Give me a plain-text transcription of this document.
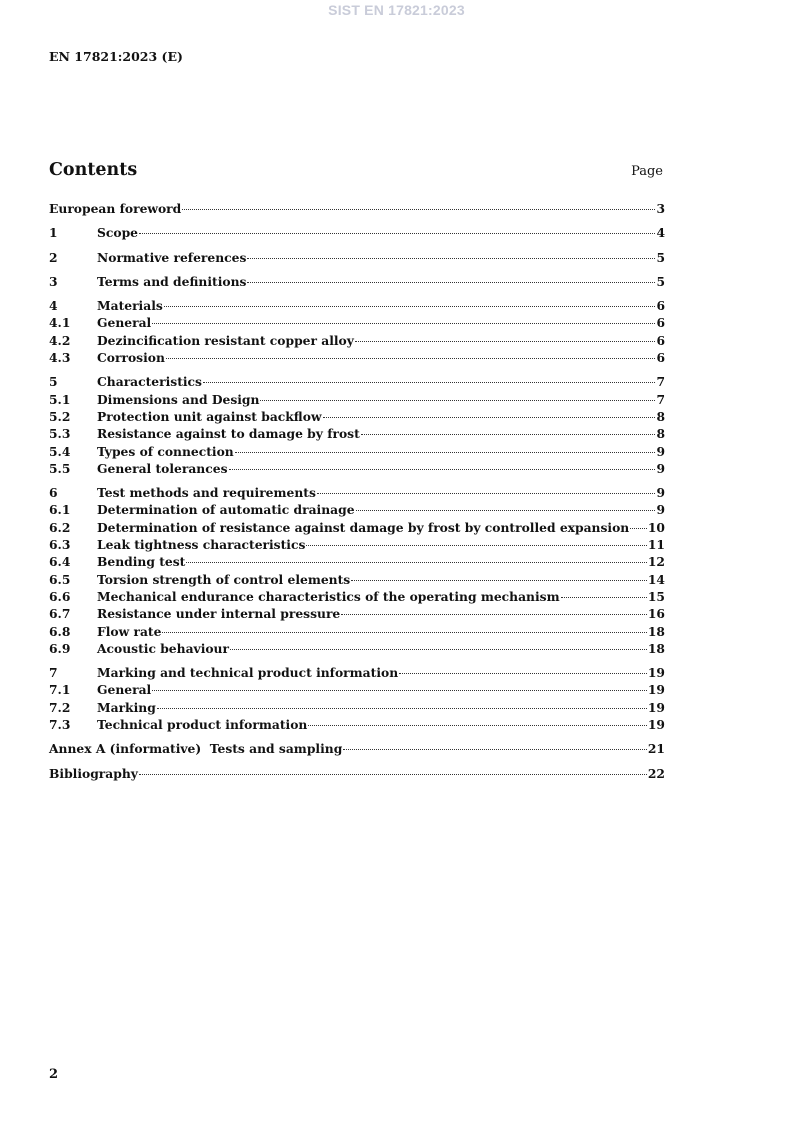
SIST EN 17821:2023
EN 17821:2023 (E)
Contents	Page
European foreword	3
1	Scope	4
2	Normative references	5
3	Terms and definitions	5
4	Materials	6
4.1	General	6
4.2	Dezincification resistant copper alloy	6
4.3	Corrosion	6
5	Characteristics	7
5.1	Dimensions and Design	7
5.2	Protection unit against backflow	8
5.3	Resistance against to damage by frost	8
5.4	Types of connection	9
5.5	General tolerances	9
6	Test methods and requirements	9
6.1	Determination of automatic drainage	9
6.2	Determination of resistance against damage by frost by controlled expansion 10
6.3	Leak tightness characteristics	11
6.4	Bending test	12
6.5	Torsion strength of control elements	14
6.6	Mechanical endurance characteristics of the operating mechanism	15
6.7	Resistance under internal pressure	16
6.8	Flow rate	18
6.9	Acoustic behaviour	18
7	Marking and technical product information	19
7.1	General	19
7.2	Marking	19
7.3	Technical product information	19
Annex A (informative)  Tests and sampling	21
Bibliography	22
2
